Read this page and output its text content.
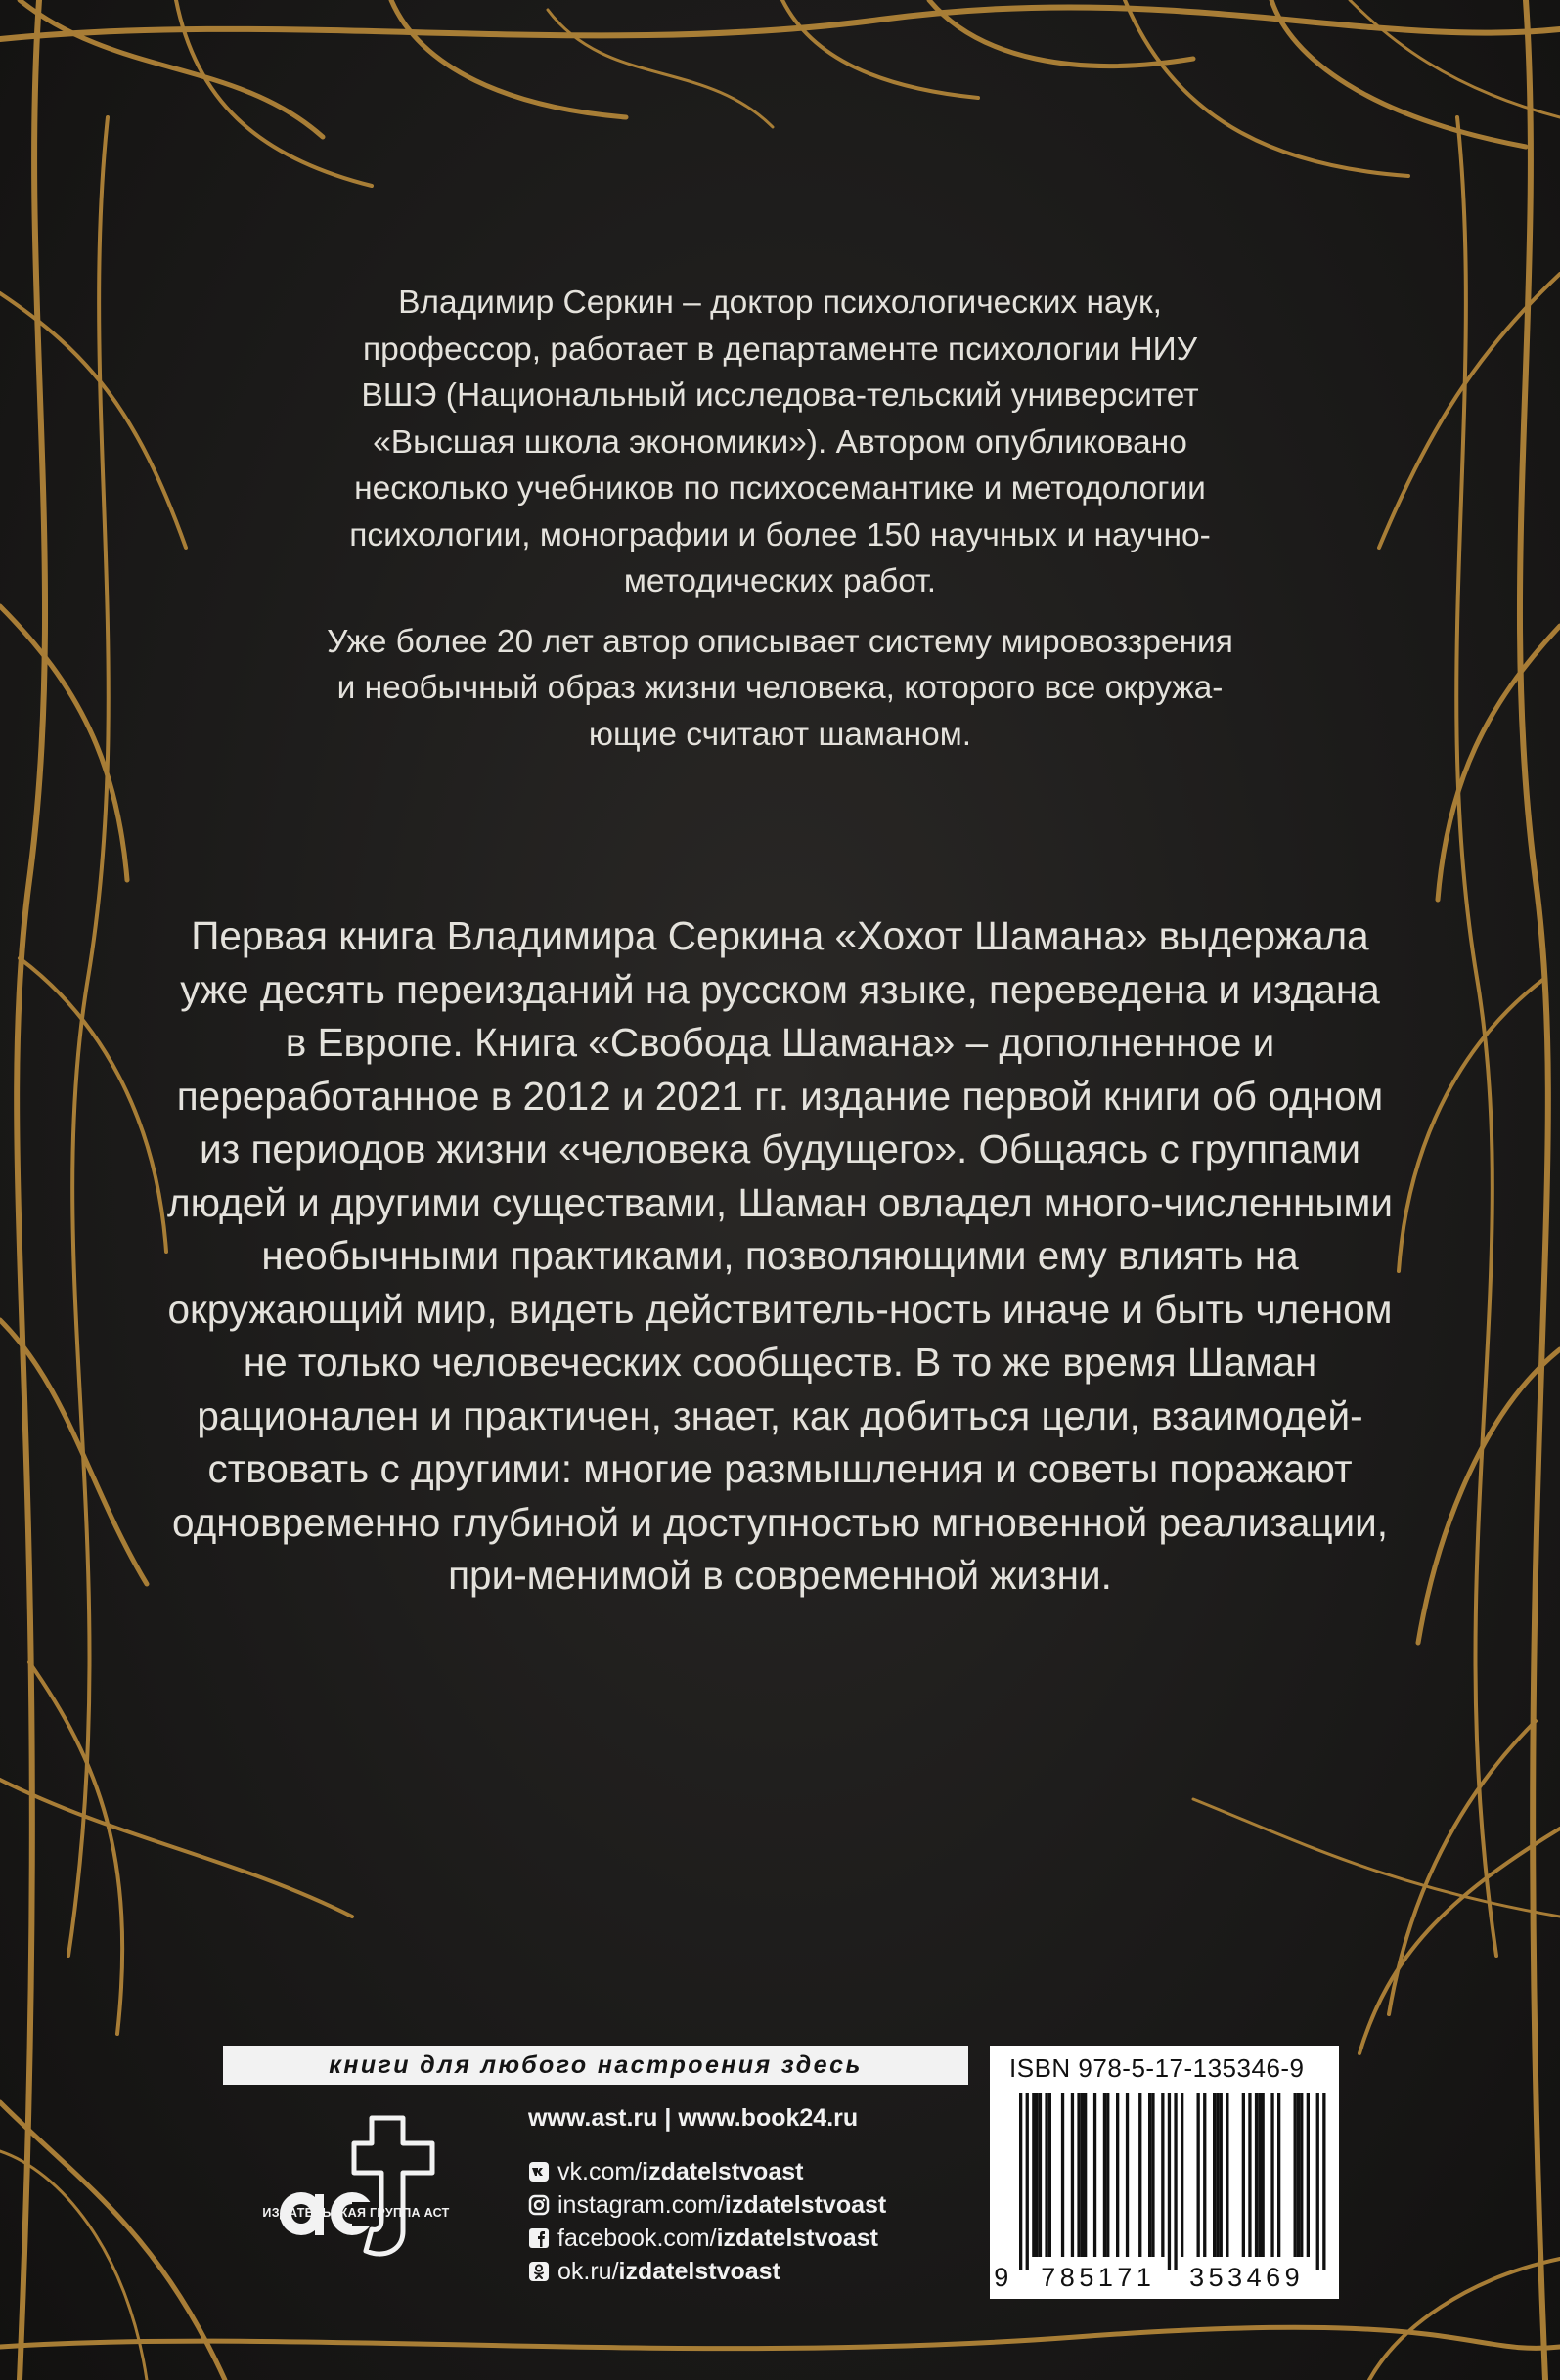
Владимир Серкин – доктор психологических наук, профессор, работает в департаменте психологии НИУ ВШЭ (Национальный исследова-тельский университет «Высшая школа экономики»). Автором опубликовано несколько учебников по психосемантике и методологии психологии, монографии и более 150 научных и научно-методических работ.

Уже более 20 лет автор описывает систему мировоззрения и необычный образ жизни человека, которого все окружа-ющие считают шаманом.

Первая книга Владимира Серкина «Хохот Шамана» выдержала уже десять переизданий на русском языке, переведена и издана в Европе. Книга «Свобода Шамана» – дополненное и переработанное в 2012 и 2021 гг. издание первой книги об одном из периодов жизни «человека будущего». Общаясь с группами людей и другими существами, Шаман овладел много-численными необычными практиками, позволяющими ему влиять на окружающий мир, видеть действитель-ность иначе и быть членом не только человеческих сообществ. В то же время Шаман рационален и практичен, знает, как добиться цели, взаимодей-ствовать с другими: многие размышления и советы поражают одновременно глубиной и доступностью мгновенной реализации, при-менимой в современной жизни.

книги для любого настроения здесь
ИЗДАТЕЛЬСКАЯ ГРУППА АСТ
www.ast.ru | www.book24.ru
vk.com/izdatelstvoast
instagram.com/izdatelstvoast
facebook.com/izdatelstvoast
ok.ru/izdatelstvoast
ISBN 978-5-17-135346-9
9 785171 353469
